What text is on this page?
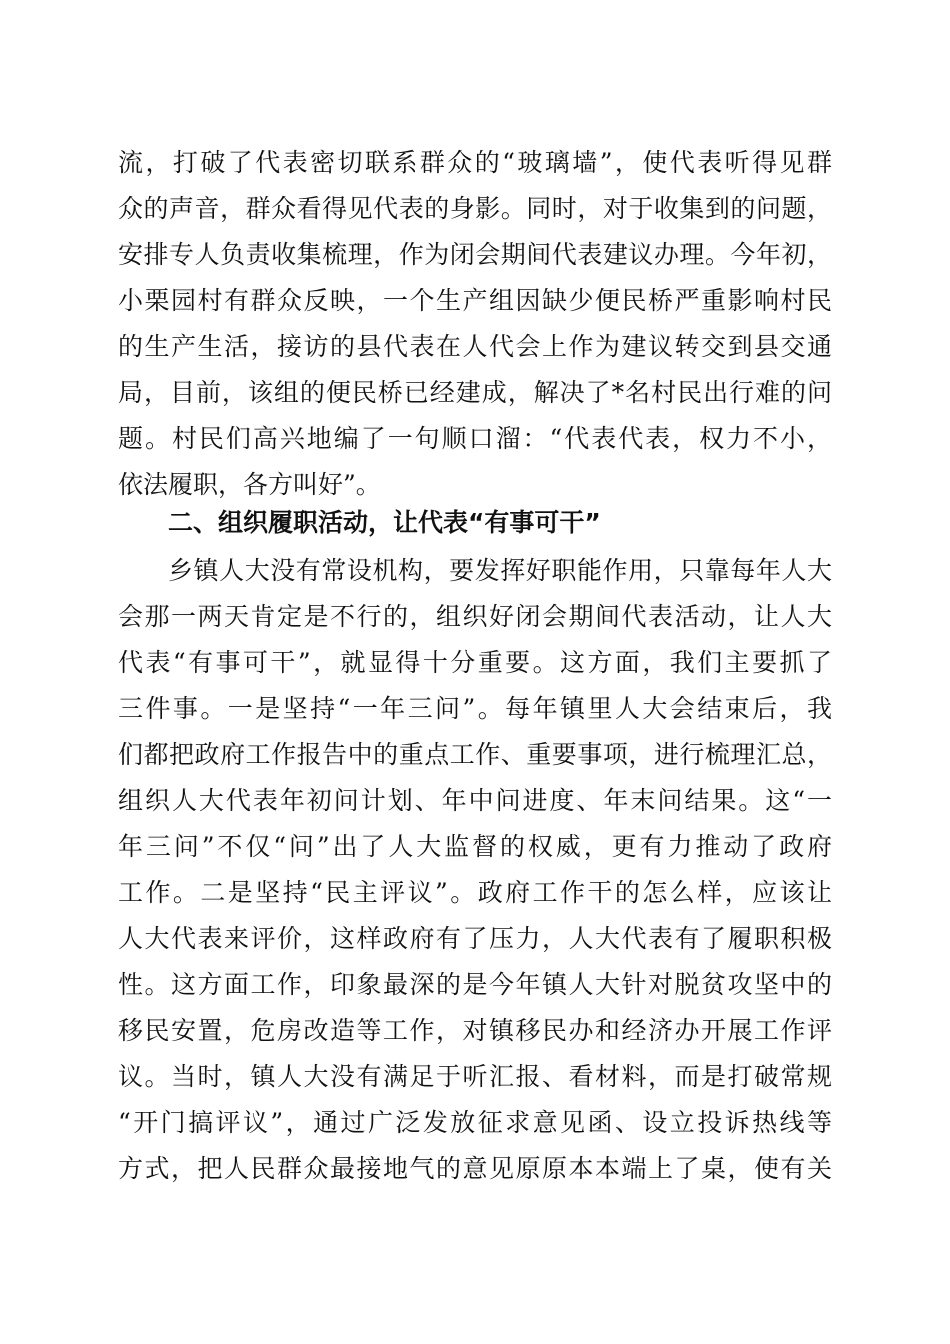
流，打破了代表密切联系群众的“玻璃墙”，使代表听得见群
众的声音，群众看得见代表的身影。同时，对于收集到的问题，
安排专人负责收集梳理，作为闭会期间代表建议办理。今年初，
小栗园村有群众反映，一个生产组因缺少便民桥严重影响村民
的生产生活，接访的县代表在人代会上作为建议转交到县交通
局，目前，该组的便民桥已经建成，解决了*名村民出行难的问
题。村民们高兴地编了一句顺口溜：“代表代表，权力不小，
依法履职，各方叫好”。
二、组织履职活动，让代表“有事可干”
乡镇人大没有常设机构，要发挥好职能作用，只靠每年人大
会那一两天肯定是不行的，组织好闭会期间代表活动，让人大
代表“有事可干”，就显得十分重要。这方面，我们主要抓了
三件事。一是坚持“一年三问”。每年镇里人大会结束后，我
们都把政府工作报告中的重点工作、重要事项，进行梳理汇总，
组织人大代表年初问计划、年中问进度、年末问结果。这“一
年三问”不仅“问”出了人大监督的权威，更有力推动了政府
工作。二是坚持“民主评议”。政府工作干的怎么样，应该让
人大代表来评价，这样政府有了压力，人大代表有了履职积极
性。这方面工作，印象最深的是今年镇人大针对脱贫攻坚中的
移民安置，危房改造等工作，对镇移民办和经济办开展工作评
议。当时，镇人大没有满足于听汇报、看材料，而是打破常规
“开门搞评议”，通过广泛发放征求意见函、设立投诉热线等
方式，把人民群众最接地气的意见原原本本端上了桌，使有关
